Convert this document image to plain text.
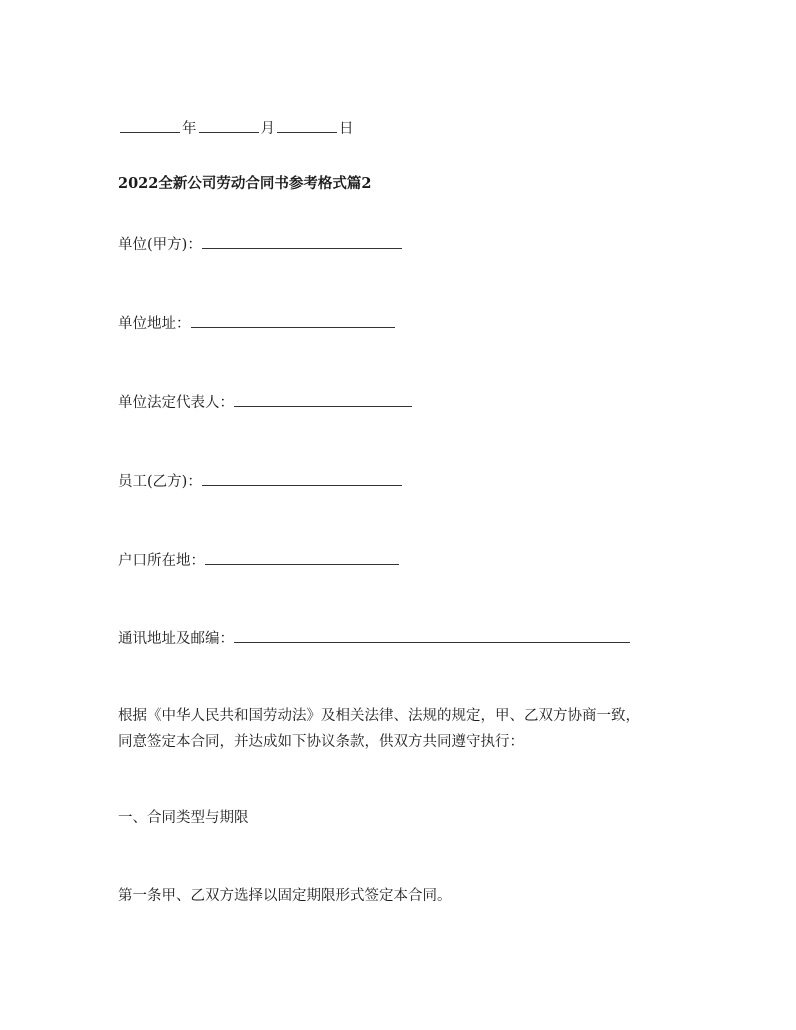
年	月	日
2022全新公司劳动合同书参考格式篇2
单位(甲方)：
单位地址：
单位法定代表人：
员工(乙方)：
户口所在地：
通讯地址及邮编：
根据《中华人民共和国劳动法》及相关法律、法规的规定，甲、乙双方协商一致，
同意签定本合同，并达成如下协议条款，供双方共同遵守执行：
一、合同类型与期限
第一条甲、乙双方选择以固定期限形式签定本合同。
